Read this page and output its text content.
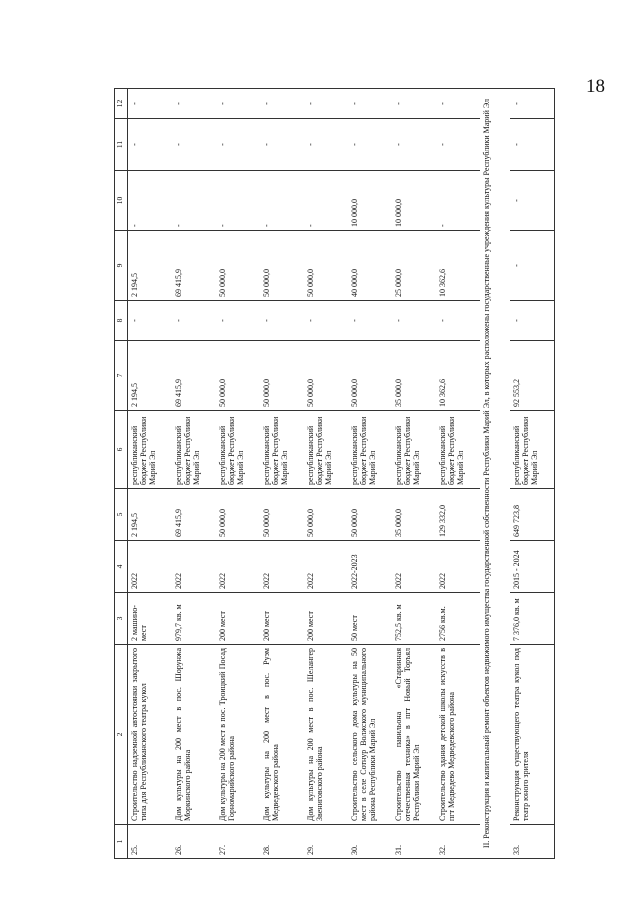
18
1	2	3	4	5	6	7	8	9	10	11	12
25.	Строительство надземной автостоянки закрытого типа для Республиканского театра кукол	2 машино-мест	2022	2 194,5	республиканский бюджет Республики Марий Эл	2 194,5	-	2 194,5	-	-	-
26.	Дом культуры на 200 мест в пос. Шорунжа Моркинского района	979,7 кв. м	2022	69 415,9	республиканский бюджет Республики Марий Эл	69 415,9	-	69 415,9	-	-	-
27.	Дом культуры на 200 мест в пос. Троицкий Посад Горномарийского района	200 мест	2022	50 000,0	республиканский бюджет Республики Марий Эл	50 000,0	-	50 000,0	-	-	-
28.	Дом культуры на 200 мест в пос. Руэм Медведевского района	200 мест	2022	50 000,0	республиканский бюджет Республики Марий Эл	50 000,0	-	50 000,0	-	-	-
29.	Дом культуры на 200 мест в пос. Шелангер Звениговского района	200 мест	2022	50 000,0	республиканский бюджет Республики Марий Эл	50 000,0	-	50 000,0	-	-	-
30.	Строительство сельского дома культуры на 50 мест в селе Сотнур Волжского муниципального района Республики Марий Эл	50 мест	2022-2023	50 000,0	республиканский бюджет Республики Марий Эл	50 000,0	-	40 000,0	10 000,0	-	-
31.	Строительство павильона «Старинная отечественная техника» в пгт Новый Торъял Республики Марий Эл	752,5 кв. м	2022	35 000,0	республиканский бюджет Республики Марий Эл	35 000,0	-	25 000,0	10 000,0	-	-
32.	Строительство здания детской школы искусств в пгт Медведево Медведевского района	2756 кв.м.	2022	129 332,0	республиканский бюджет Республики Марий Эл	10 362,6	-	10 362,6	-	-	-
II. Реконструкция и капитальный ремонт объектов недвижимого имущества государственной собственности Республики Марий Эл, в которых расположены государственные учреждения культуры Республики Марий Эл											
33.	Реконструкция существующего театра кукол под театр юного зрителя	7 376,0 кв. м	2015 - 2024	649 723,8	республиканский бюджет Республики Марий Эл	92 553,2	-	-	-	-	-
